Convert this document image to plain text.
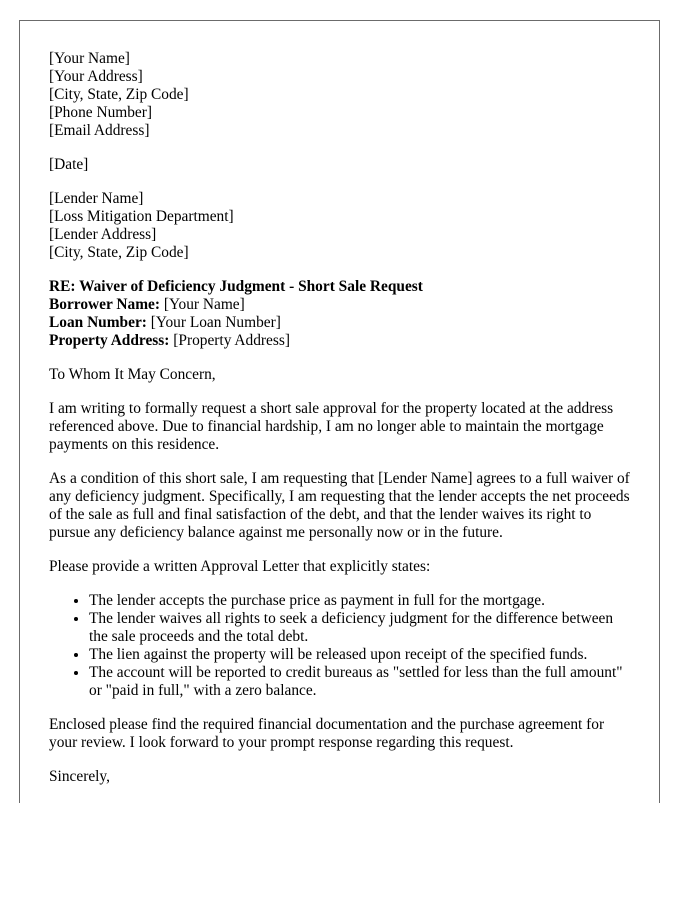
[Your Name]
[Your Address]
[City, State, Zip Code]
[Phone Number]
[Email Address]
[Date]
[Lender Name]
[Loss Mitigation Department]
[Lender Address]
[City, State, Zip Code]
RE: Waiver of Deficiency Judgment - Short Sale Request
Borrower Name: [Your Name]
Loan Number: [Your Loan Number]
Property Address: [Property Address]

To Whom It May Concern,

I am writing to formally request a short sale approval for the property located at the address referenced above. Due to financial hardship, I am no longer able to maintain the mortgage payments on this residence.

As a condition of this short sale, I am requesting that [Lender Name] agrees to a full waiver of any deficiency judgment. Specifically, I am requesting that the lender accepts the net proceeds of the sale as full and final satisfaction of the debt, and that the lender waives its right to pursue any deficiency balance against me personally now or in the future.

Please provide a written Approval Letter that explicitly states:

• The lender accepts the purchase price as payment in full for the mortgage.
• The lender waives all rights to seek a deficiency judgment for the difference between the sale proceeds and the total debt.
• The lien against the property will be released upon receipt of the specified funds.
• The account will be reported to credit bureaus as "settled for less than the full amount" or "paid in full," with a zero balance.

Enclosed please find the required financial documentation and the purchase agreement for your review. I look forward to your prompt response regarding this request.

Sincerely,
